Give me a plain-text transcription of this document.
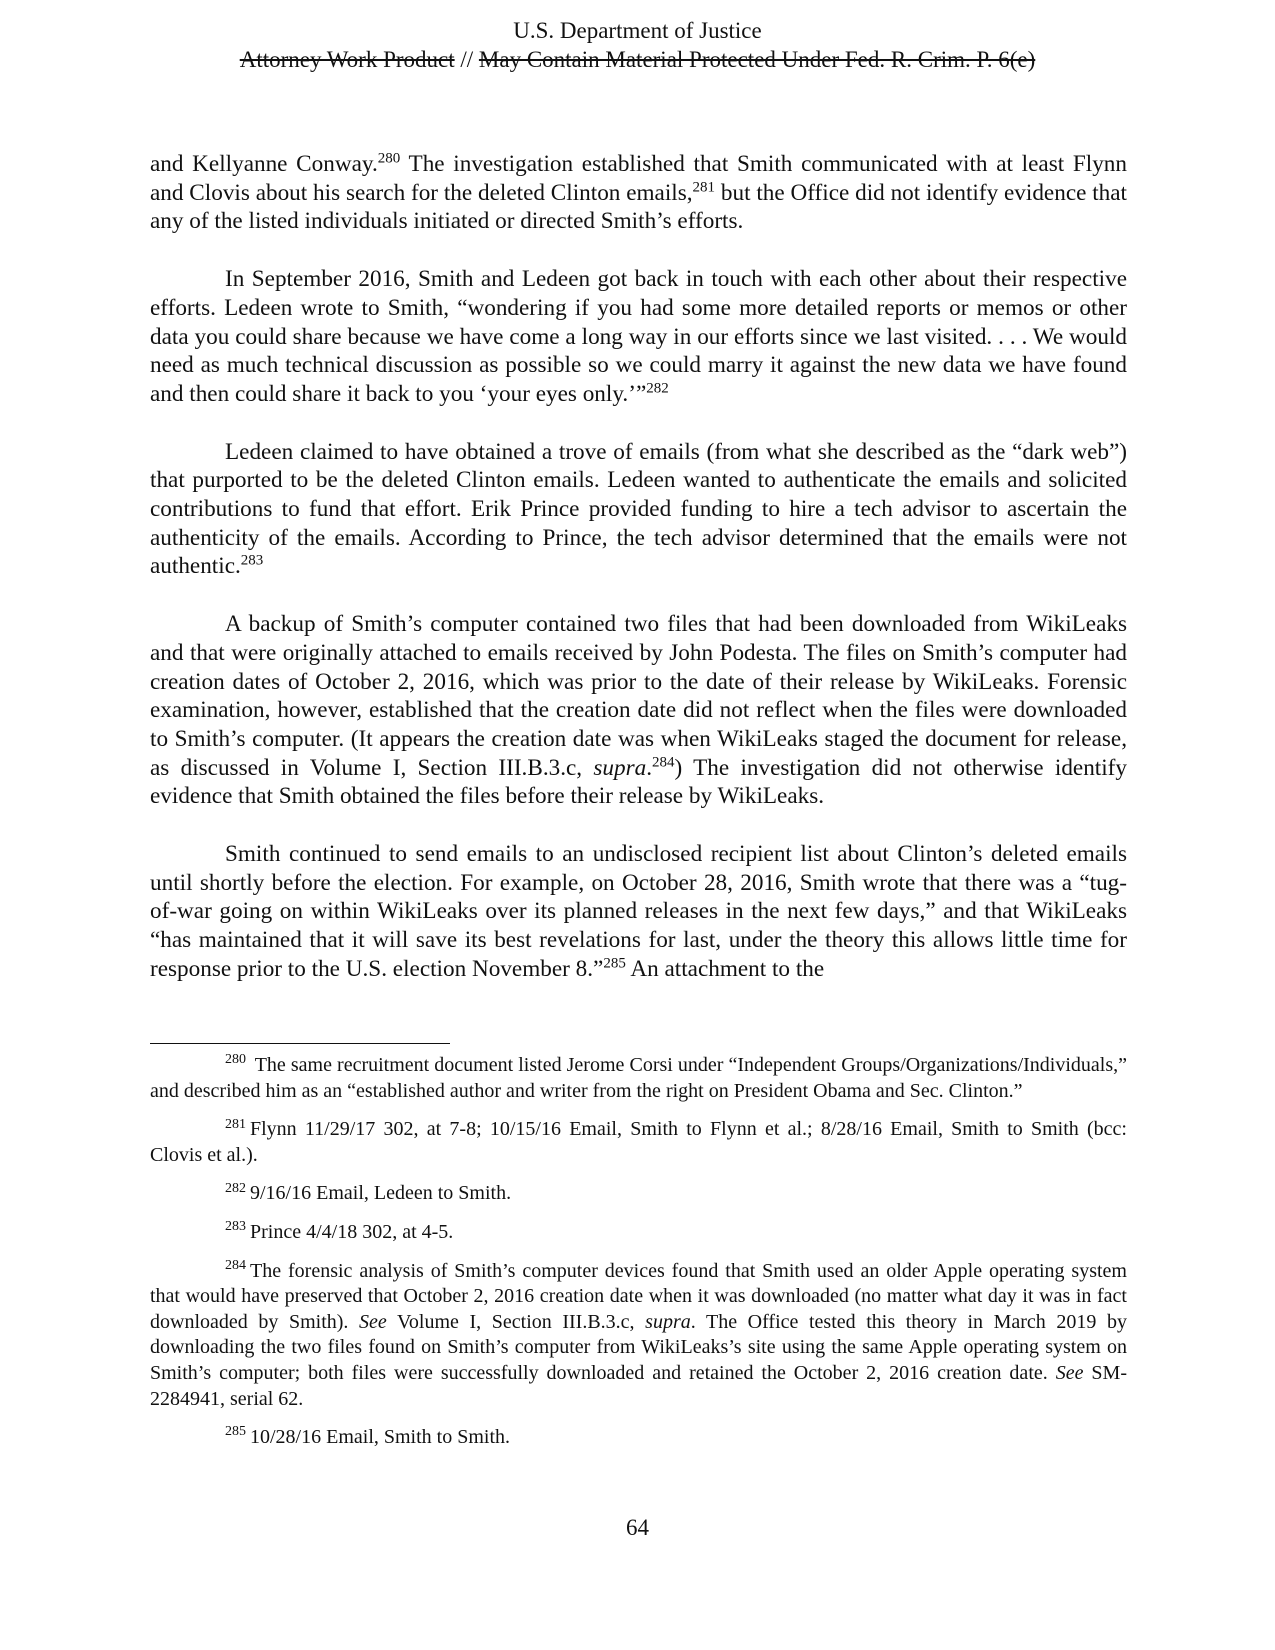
U.S. Department of Justice
Attorney Work Product // May Contain Material Protected Under Fed. R. Crim. P. 6(e)

and Kellyanne Conway.$^{280}$ The investigation established that Smith communicated with at least Flynn and Clovis about his search for the deleted Clinton emails,$^{281}$ but the Office did not identify evidence that any of the listed individuals initiated or directed Smith’s efforts.

In September 2016, Smith and Ledeen got back in touch with each other about their respective efforts. Ledeen wrote to Smith, “wondering if you had some more detailed reports or memos or other data you could share because we have come a long way in our efforts since we last visited. . . . We would need as much technical discussion as possible so we could marry it against the new data we have found and then could share it back to you ‘your eyes only.’”$^{282}$

Ledeen claimed to have obtained a trove of emails (from what she described as the “dark web”) that purported to be the deleted Clinton emails. Ledeen wanted to authenticate the emails and solicited contributions to fund that effort. Erik Prince provided funding to hire a tech advisor to ascertain the authenticity of the emails. According to Prince, the tech advisor determined that the emails were not authentic.$^{283}$

A backup of Smith’s computer contained two files that had been downloaded from WikiLeaks and that were originally attached to emails received by John Podesta. The files on Smith’s computer had creation dates of October 2, 2016, which was prior to the date of their release by WikiLeaks. Forensic examination, however, established that the creation date did not reflect when the files were downloaded to Smith’s computer. (It appears the creation date was when WikiLeaks staged the document for release, as discussed in Volume I, Section III.B.3.c, supra.$^{284}$) The investigation did not otherwise identify evidence that Smith obtained the files before their release by WikiLeaks.

Smith continued to send emails to an undisclosed recipient list about Clinton’s deleted emails until shortly before the election. For example, on October 28, 2016, Smith wrote that there was a “tug-of-war going on within WikiLeaks over its planned releases in the next few days,” and that WikiLeaks “has maintained that it will save its best revelations for last, under the theory this allows little time for response prior to the U.S. election November 8.”$^{285}$ An attachment to the

$^{280}$ The same recruitment document listed Jerome Corsi under “Independent Groups/Organizations/Individuals,” and described him as an “established author and writer from the right on President Obama and Sec. Clinton.”

$^{281}$ Flynn 11/29/17 302, at 7-8; 10/15/16 Email, Smith to Flynn et al.; 8/28/16 Email, Smith to Smith (bcc: Clovis et al.).

$^{282}$ 9/16/16 Email, Ledeen to Smith.

$^{283}$ Prince 4/4/18 302, at 4-5.

$^{284}$ The forensic analysis of Smith’s computer devices found that Smith used an older Apple operating system that would have preserved that October 2, 2016 creation date when it was downloaded (no matter what day it was in fact downloaded by Smith). See Volume I, Section III.B.3.c, supra. The Office tested this theory in March 2019 by downloading the two files found on Smith’s computer from WikiLeaks’s site using the same Apple operating system on Smith’s computer; both files were successfully downloaded and retained the October 2, 2016 creation date. See SM-2284941, serial 62.

$^{285}$ 10/28/16 Email, Smith to Smith.

64
